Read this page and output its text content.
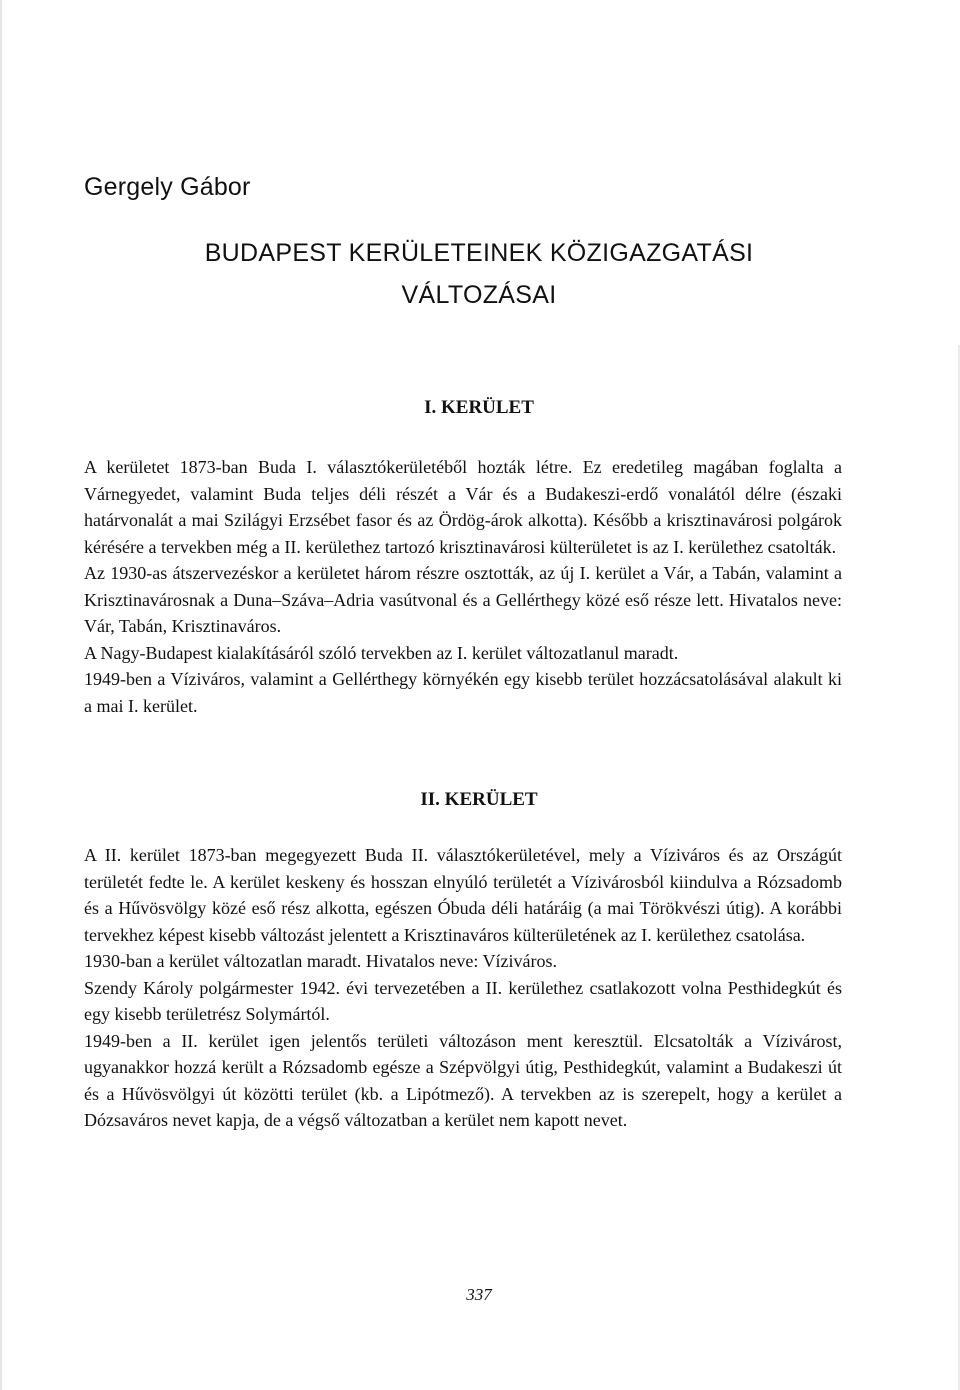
Gergely Gábor
BUDAPEST KERÜLETEINEK KÖZIGAZGATÁSI
VÁLTOZÁSAI
I. KERÜLET

A kerületet 1873-ban Buda I. választókerületéből hozták létre. Ez eredetileg magában foglalta a Várnegyedet, valamint Buda teljes déli részét a Vár és a Budakeszi-erdő vonalától délre (északi határvonalát a mai Szilágyi Erzsébet fasor és az Ördög-árok alkotta). Később a krisztinavárosi polgárok kérésére a tervekben még a II. kerülethez tartozó krisztinavárosi külterületet is az I. kerülethez csatolták.

Az 1930-as átszervezéskor a kerületet három részre osztották, az új I. kerület a Vár, a Tabán, valamint a Krisztinavárosnak a Duna–Száva–Adria vasútvonal és a Gellérthegy közé eső része lett. Hivatalos neve: Vár, Tabán, Krisztinaváros.

A Nagy-Budapest kialakításáról szóló tervekben az I. kerület változatlanul maradt.

1949-ben a Víziváros, valamint a Gellérthegy környékén egy kisebb terület hozzácsatolásával alakult ki a mai I. kerület.

II. KERÜLET

A II. kerület 1873-ban megegyezett Buda II. választókerületével, mely a Víziváros és az Országút területét fedte le. A kerület keskeny és hosszan elnyúló területét a Vízivárosból kiindulva a Rózsadomb és a Hűvösvölgy közé eső rész alkotta, egészen Óbuda déli határáig (a mai Törökvészi útig). A korábbi tervekhez képest kisebb változást jelentett a Krisztinaváros külterületének az I. kerülethez csatolása.

1930-ban a kerület változatlan maradt. Hivatalos neve: Víziváros.

Szendy Károly polgármester 1942. évi tervezetében a II. kerülethez csatlakozott volna Pesthidegkút és egy kisebb területrész Solymártól.

1949-ben a II. kerület igen jelentős területi változáson ment keresztül. Elcsatolták a Vízivárost, ugyanakkor hozzá került a Rózsadomb egésze a Szépvölgyi útig, Pesthidegkút, valamint a Budakeszi út és a Hűvösvölgyi út közötti terület (kb. a Lipótmező). A tervekben az is szerepelt, hogy a kerület a Dózsaváros nevet kapja, de a végső változatban a kerület nem kapott nevet.

337
